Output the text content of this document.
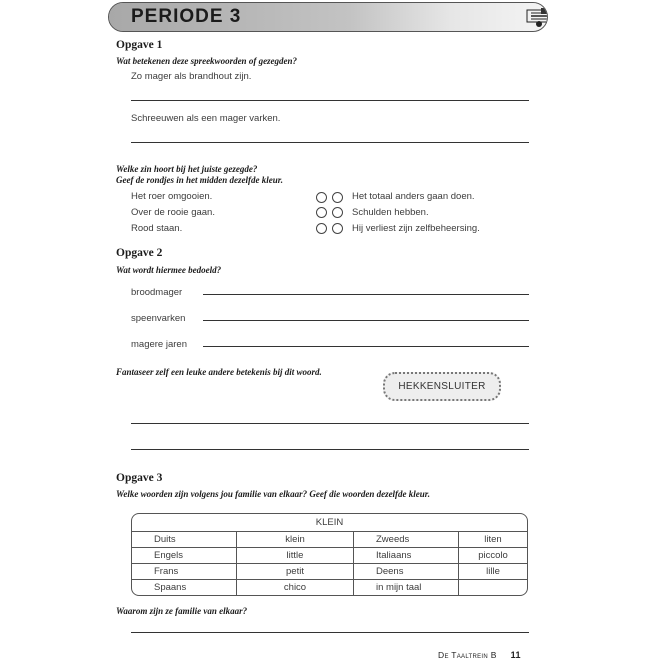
PERIODE 3
Opgave 1
Wat betekenen deze spreekwoorden of gezegden?
Zo mager als brandhout zijn.
Schreeuwen als een mager varken.
Welke zin hoort bij het juiste gezegde?
Geef de rondjes in het midden dezelfde kleur.
Het roer omgooien.
Over de rooie gaan.
Rood staan.
Het totaal anders gaan doen.
Schulden hebben.
Hij verliest zijn zelfbeheersing.
Opgave 2
Wat wordt hiermee bedoeld?
broodmager
speenvarken
magere jaren
Fantaseer zelf een leuke andere betekenis bij dit woord.
HEKKENSLUITER
Opgave 3
Welke woorden zijn volgens jou familie van elkaar? Geef die woorden dezelfde kleur.
KLEIN			
Duits	klein	Zweeds	liten
Engels	little	Italiaans	piccolo
Frans	petit	Deens	lille
Spaans	chico	in mijn taal	
Waarom zijn ze familie van elkaar?
De Taaltrein B 11
